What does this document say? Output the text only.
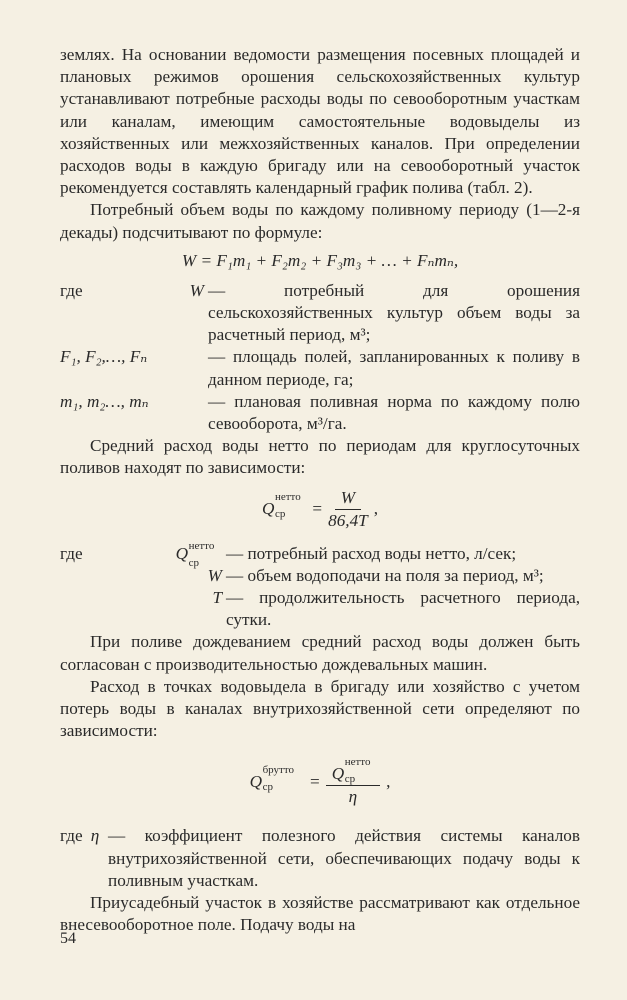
землях. На основании ведомости размещения посевных площадей и плановых режимов орошения сельскохозяйственных культур устанавливают потребные расходы воды по севооборотным участкам или каналам, имеющим самостоятельные водовыделы из хозяйственных или межхозяйственных каналов. При определении расходов воды в каждую бригаду или на севооборотный участок рекомендуется составлять календарный график полива (табл. 2).

Потребный объем воды по каждому поливному периоду (1—2-я декады) подсчитывают по формуле:

W = F₁m₁ + F₂m₂ + F₃m₃ + … + Fₙmₙ,
где	W — потребный для орошения сельскохозяйственных культур объем воды за расчетный период, м³;
F₁, F₂,…, Fₙ	— площадь полей, запланированных к поливу в данном периоде, га;
m₁, m₂…, mₙ	— плановая поливная норма по каждому полю севооборота, м³/га.

Средний расход воды нетто по периодам для круглосуточных поливов находят по зависимости:

Q
нетто
ср = $\frac{W}{86,4T}$ ,
где	Q нетто
ср — потребный расход воды нетто, л/сек;
W — объем водоподачи на поля за период, м³;
T — продолжительность расчетного периода, сутки.

При поливе дождеванием средний расход воды должен быть согласован с производительностью дождевальных машин.

Расход в точках водовыдела в бригаду или хозяйство с учетом потерь воды в каналах внутрихозяйственной сети определяют по зависимости:

Q
брутто
ср = Q
нетто
ср
η ,
где η — коэффициент полезного действия системы каналов внутрихозяйственной сети, обеспечивающих подачу воды к поливным участкам.

Приусадебный участок в хозяйстве рассматривают как отдельное внесевооборотное поле. Подачу воды на

54
